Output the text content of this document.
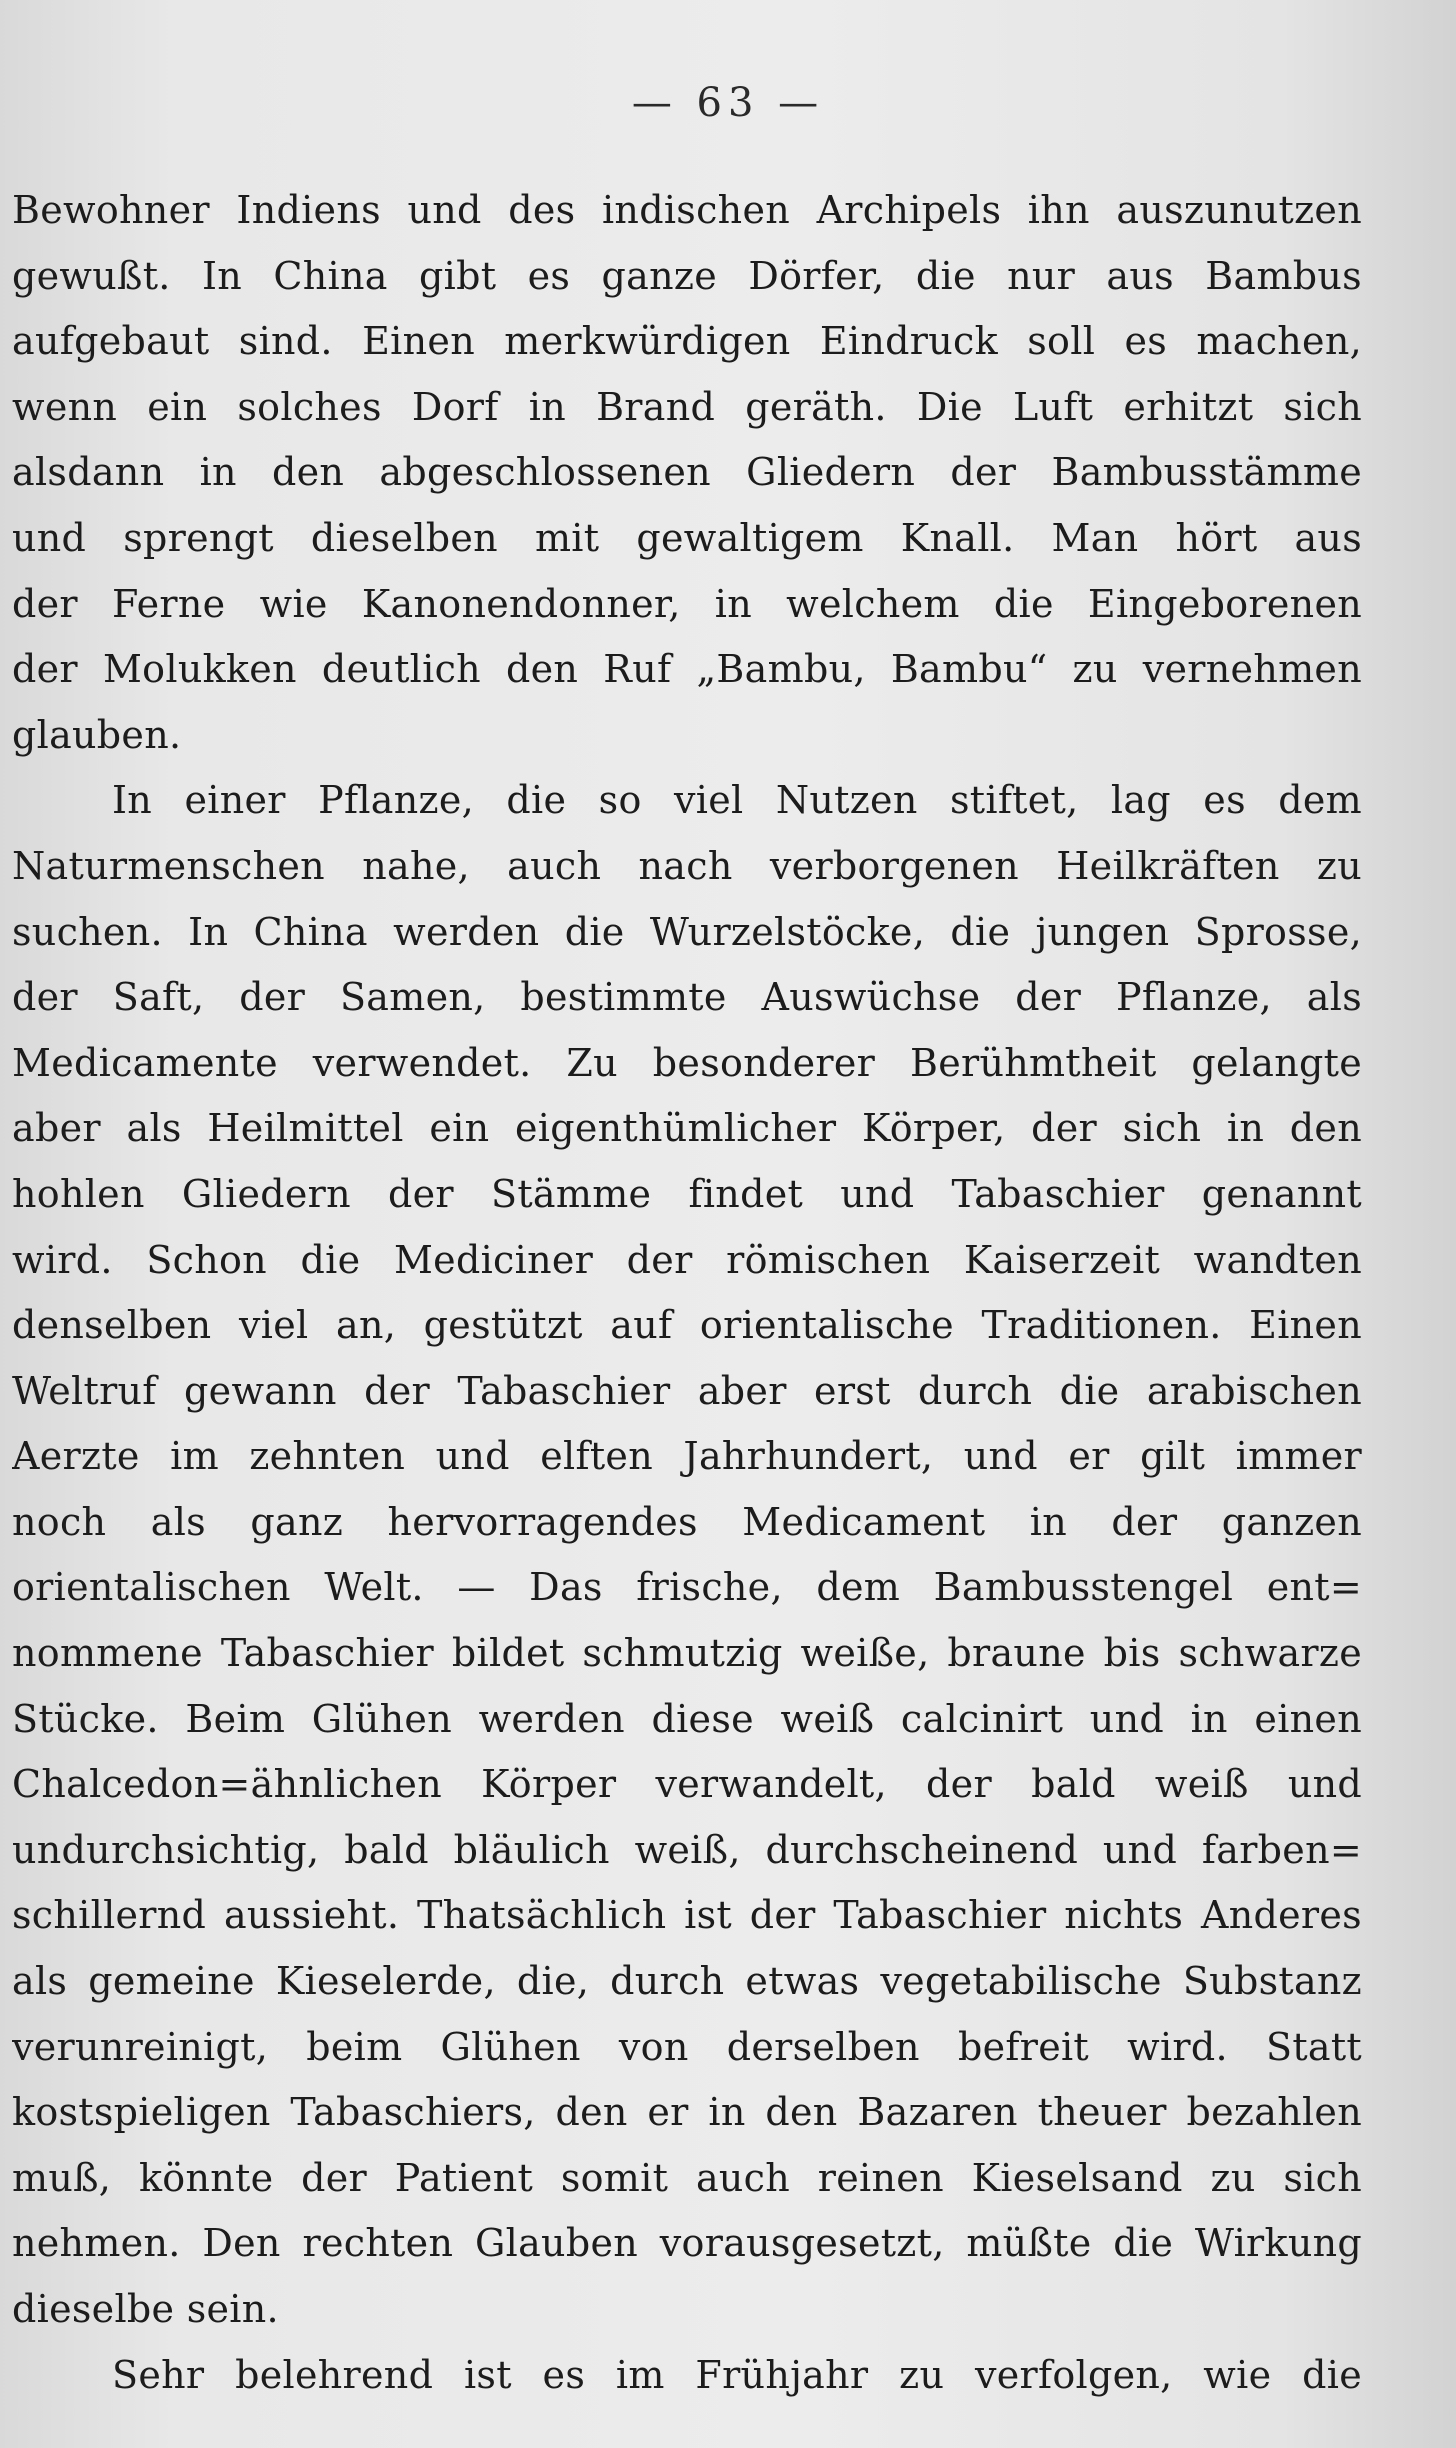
— 63 —

Bewohner Indiens und des indischen Archipels ihn auszunutzen
gewußt. In China gibt es ganze Dörfer, die nur aus Bambus
aufgebaut sind. Einen merkwürdigen Eindruck soll es machen,
wenn ein solches Dorf in Brand geräth. Die Luft erhitzt sich
alsdann in den abgeschlossenen Gliedern der Bambusstämme
und sprengt dieselben mit gewaltigem Knall. Man hört aus
der Ferne wie Kanonendonner, in welchem die Eingeborenen
der Molukken deutlich den Ruf „Bambu, Bambu“ zu vernehmen
glauben.

In einer Pflanze, die so viel Nutzen stiftet, lag es dem
Naturmenschen nahe, auch nach verborgenen Heilkräften zu
suchen. In China werden die Wurzelstöcke, die jungen Sprosse,
der Saft, der Samen, bestimmte Auswüchse der Pflanze, als
Medicamente verwendet. Zu besonderer Berühmtheit gelangte
aber als Heilmittel ein eigenthümlicher Körper, der sich in den
hohlen Gliedern der Stämme findet und Tabaschier genannt
wird. Schon die Mediciner der römischen Kaiserzeit wandten
denselben viel an, gestützt auf orientalische Traditionen. Einen
Weltruf gewann der Tabaschier aber erst durch die arabischen
Aerzte im zehnten und elften Jahrhundert, und er gilt immer
noch als ganz hervorragendes Medicament in der ganzen
orientalischen Welt. — Das frische, dem Bambusstengel ent=
nommene Tabaschier bildet schmutzig weiße, braune bis schwarze
Stücke. Beim Glühen werden diese weiß calcinirt und in einen
Chalcedon=ähnlichen Körper verwandelt, der bald weiß und
undurchsichtig, bald bläulich weiß, durchscheinend und farben=
schillernd aussieht. Thatsächlich ist der Tabaschier nichts Anderes
als gemeine Kieselerde, die, durch etwas vegetabilische Substanz
verunreinigt, beim Glühen von derselben befreit wird. Statt
kostspieligen Tabaschiers, den er in den Bazaren theuer bezahlen
muß, könnte der Patient somit auch reinen Kieselsand zu sich
nehmen. Den rechten Glauben vorausgesetzt, müßte die Wirkung
dieselbe sein.

Sehr belehrend ist es im Frühjahr zu verfolgen, wie die
